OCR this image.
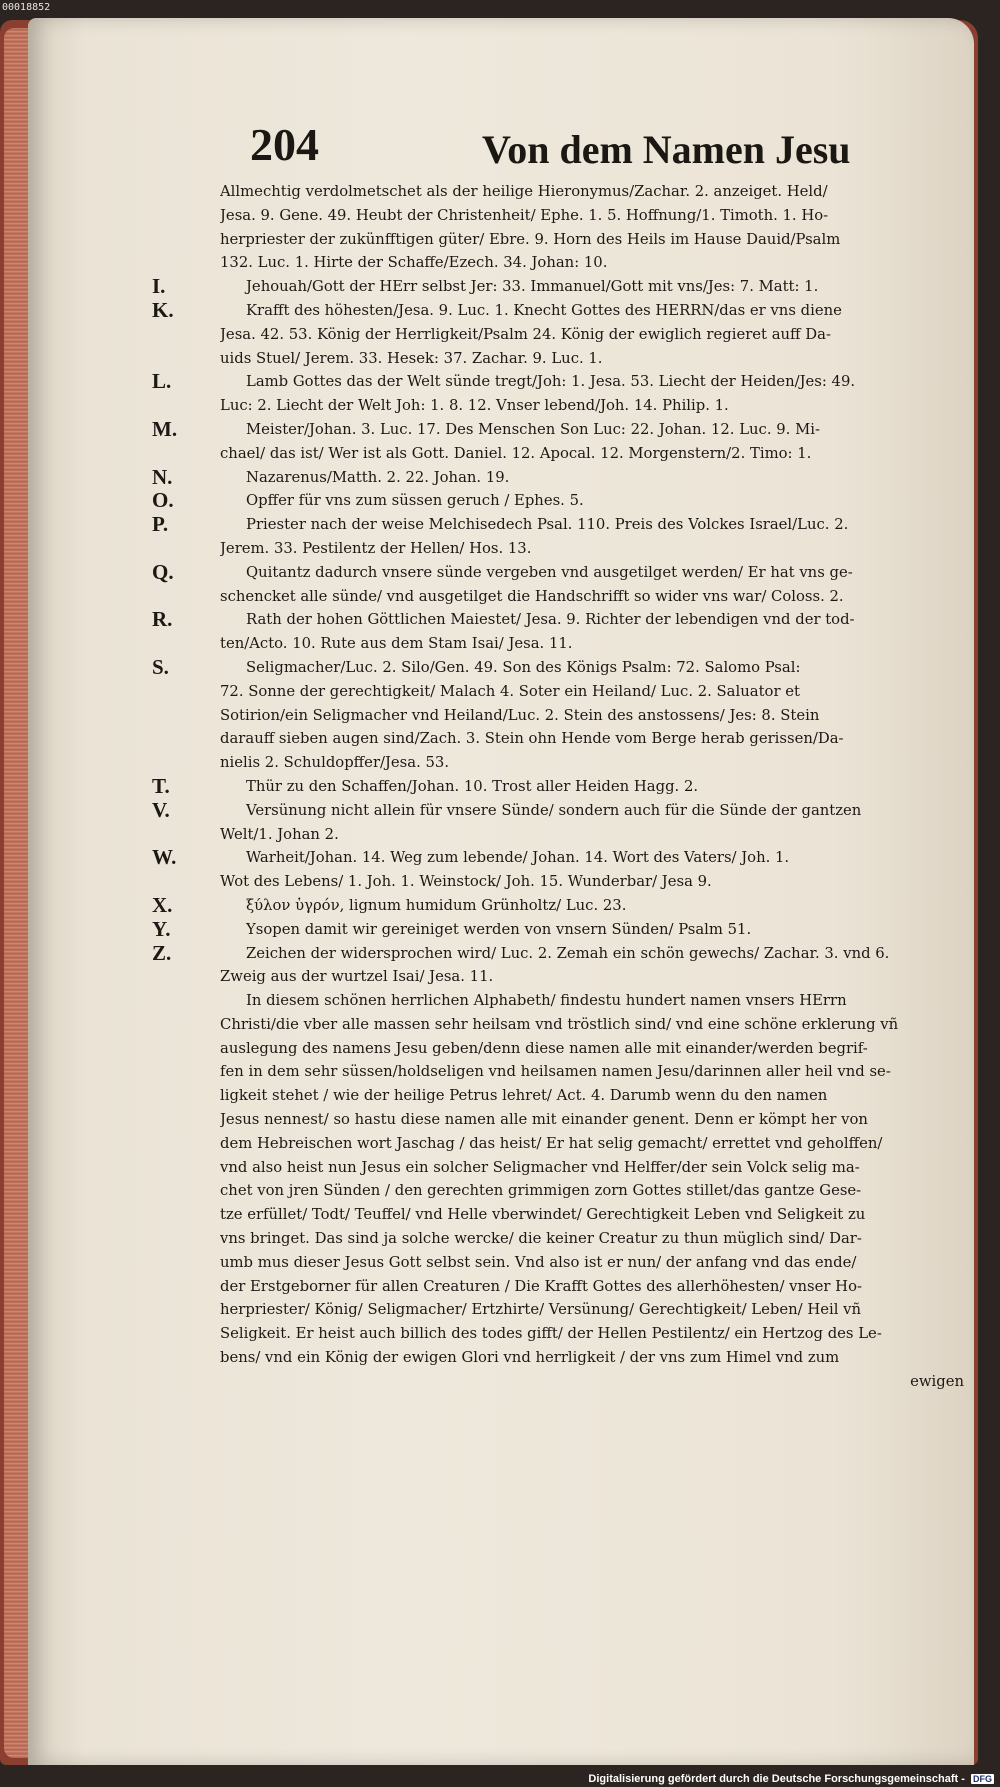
00018852
204	Von dem Namen Jesu
Allmechtig verdolmetschet als der heilige Hieronymus/Zachar. 2. anzeiget. Held/
Jesa. 9. Gene. 49. Heubt der Christenheit/ Ephe. 1. 5. Hoffnung/1. Timoth. 1. Ho-
herpriester der zukünfftigen güter/ Ebre. 9. Horn des Heils im Hause Dauid/Psalm
132. Luc. 1. Hirte der Schaffe/Ezech. 34. Johan: 10.
I.	Jehouah/Gott der HErr selbst Jer: 33. Immanuel/Gott mit vns/Jes: 7. Matt: 1.
K.	Krafft des höhesten/Jesa. 9. Luc. 1. Knecht Gottes des HERRN/das er vns diene
Jesa. 42. 53. König der Herrligkeit/Psalm 24. König der ewiglich regieret auff Da-
uids Stuel/ Jerem. 33. Hesek: 37. Zachar. 9. Luc. 1.
L.	Lamb Gottes das der Welt sünde tregt/Joh: 1. Jesa. 53. Liecht der Heiden/Jes: 49.
Luc: 2. Liecht der Welt Joh: 1. 8. 12. Vnser lebend/Joh. 14. Philip. 1.
M.	Meister/Johan. 3. Luc. 17. Des Menschen Son Luc: 22. Johan. 12. Luc. 9. Mi-
chael/ das ist/ Wer ist als Gott. Daniel. 12. Apocal. 12. Morgenstern/2. Timo: 1.
N.	Nazarenus/Matth. 2. 22. Johan. 19.
O.	Opffer für vns zum süssen geruch / Ephes. 5.
P.	Priester nach der weise Melchisedech Psal. 110. Preis des Volckes Israel/Luc. 2.
Jerem. 33. Pestilentz der Hellen/ Hos. 13.
Q.	Quitantz dadurch vnsere sünde vergeben vnd ausgetilget werden/ Er hat vns ge-
schencket alle sünde/ vnd ausgetilget die Handschrifft so wider vns war/ Coloss. 2.
R.	Rath der hohen Göttlichen Maiestet/ Jesa. 9. Richter der lebendigen vnd der tod-
ten/Acto. 10. Rute aus dem Stam Isai/ Jesa. 11.
S.	Seligmacher/Luc. 2. Silo/Gen. 49. Son des Königs Psalm: 72. Salomo Psal:
72. Sonne der gerechtigkeit/ Malach 4. Soter ein Heiland/ Luc. 2. Saluator et
Sotirion/ein Seligmacher vnd Heiland/Luc. 2. Stein des anstossens/ Jes: 8. Stein
darauff sieben augen sind/Zach. 3. Stein ohn Hende vom Berge herab gerissen/Da-
nielis 2. Schuldopffer/Jesa. 53.
T.	Thür zu den Schaffen/Johan. 10. Trost aller Heiden Hagg. 2.
V.	Versünung nicht allein für vnsere Sünde/ sondern auch für die Sünde der gantzen
Welt/1. Johan 2.
W.	Warheit/Johan. 14. Weg zum lebende/ Johan. 14. Wort des Vaters/ Joh. 1.
Wot des Lebens/ 1. Joh. 1. Weinstock/ Joh. 15. Wunderbar/ Jesa 9.
X.	ξύλον ὑγρόν, lignum humidum Grünholtz/ Luc. 23.
Y.	Ysopen damit wir gereiniget werden von vnsern Sünden/ Psalm 51.
Z.	Zeichen der widersprochen wird/ Luc. 2. Zemah ein schön gewechs/ Zachar. 3. vnd 6.
Zweig aus der wurtzel Isai/ Jesa. 11.
In diesem schönen herrlichen Alphabeth/ findestu hundert namen vnsers HErrn
Christi/die vber alle massen sehr heilsam vnd tröstlich sind/ vnd eine schöne erklerung vñ
auslegung des namens Jesu geben/denn diese namen alle mit einander/werden begrif-
fen in dem sehr süssen/holdseligen vnd heilsamen namen Jesu/darinnen aller heil vnd se-
ligkeit stehet / wie der heilige Petrus lehret/ Act. 4. Darumb wenn du den namen
Jesus nennest/ so hastu diese namen alle mit einander genent. Denn er kömpt her von
dem Hebreischen wort Jaschag / das heist/ Er hat selig gemacht/ errettet vnd geholffen/
vnd also heist nun Jesus ein solcher Seligmacher vnd Helffer/der sein Volck selig ma-
chet von jren Sünden / den gerechten grimmigen zorn Gottes stillet/das gantze Gese-
tze erfüllet/ Todt/ Teuffel/ vnd Helle vberwindet/ Gerechtigkeit Leben vnd Seligkeit zu
vns bringet. Das sind ja solche wercke/ die keiner Creatur zu thun müglich sind/ Dar-
umb mus dieser Jesus Gott selbst sein. Vnd also ist er nun/ der anfang vnd das ende/
der Erstgeborner für allen Creaturen / Die Krafft Gottes des allerhöhesten/ vnser Ho-
herpriester/ König/ Seligmacher/ Ertzhirte/ Versünung/ Gerechtigkeit/ Leben/ Heil vñ
Seligkeit. Er heist auch billich des todes gifft/ der Hellen Pestilentz/ ein Hertzog des Le-
bens/ vnd ein König der ewigen Glori vnd herrligkeit / der vns zum Himel vnd zum
ewigen
Digitalisierung gefördert durch die Deutsche Forschungsgemeinschaft - DFG
